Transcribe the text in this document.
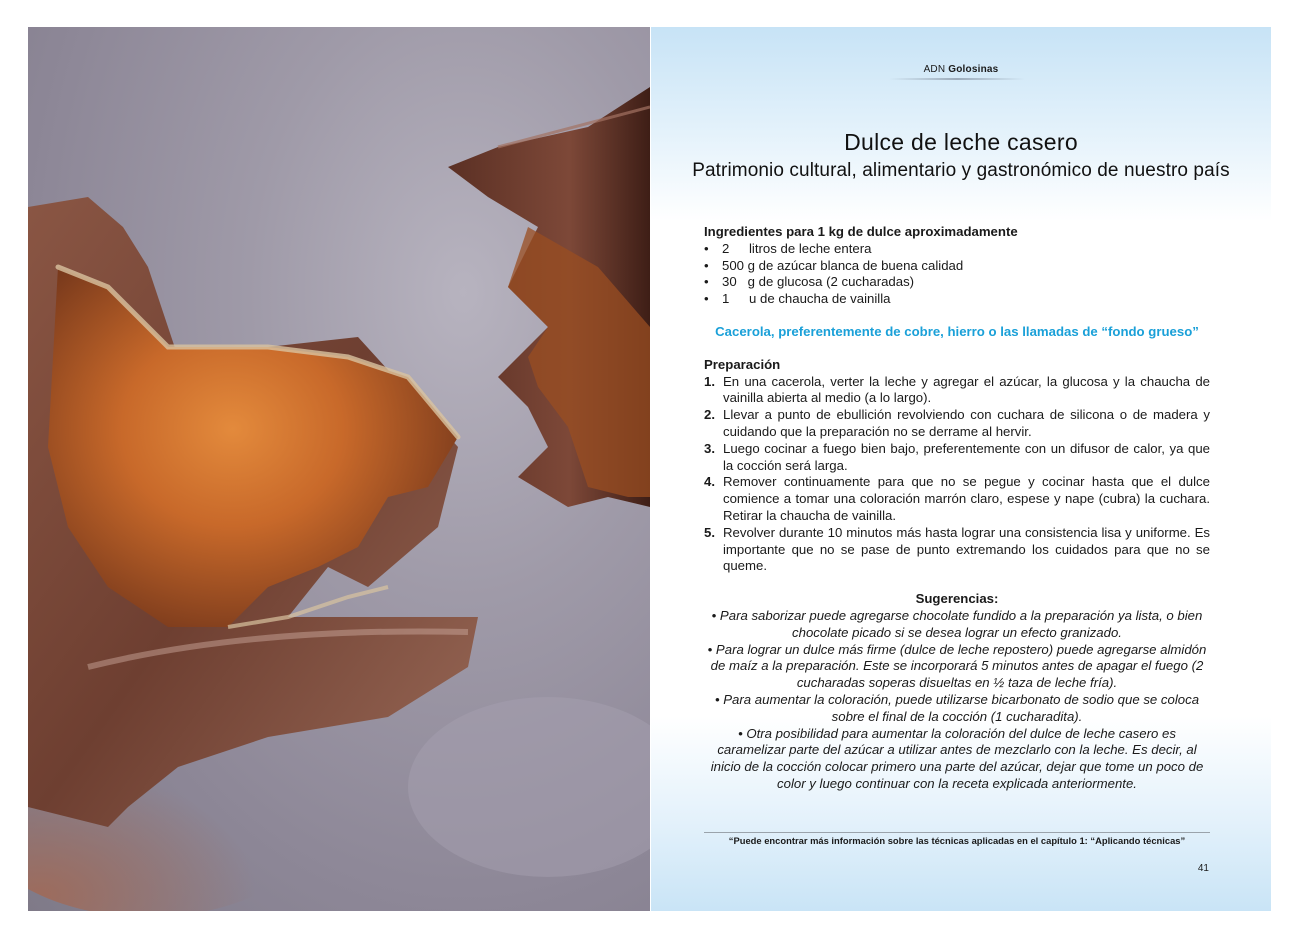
ADN Golosinas
Dulce de leche casero
Patrimonio cultural, alimentario y gastronómico de nuestro país
Ingredientes para 1 kg de dulce aproximadamente
• 2 litros de leche entera
• 500 g de azúcar blanca de buena calidad
• 30   g de glucosa (2 cucharadas)
• 1 u de chaucha de vainilla
Cacerola, preferentemente de cobre, hierro o las llamadas de “fondo grueso”
Preparación
1. En una cacerola, verter la leche y agregar el azúcar, la glucosa y la chaucha de vainilla abierta al medio (a lo largo).
2. Llevar a punto de ebullición revolviendo con cuchara de silicona o de madera y cuidando que la preparación no se derrame al hervir.
3. Luego cocinar a fuego bien bajo, preferentemente con un difusor de calor, ya que la cocción será larga.
4. Remover continuamente para que no se pegue y cocinar hasta que el dulce comience a tomar una coloración marrón claro, espese y nape (cubra) la cuchara. Retirar la chaucha de vainilla.
5. Revolver durante 10 minutos más hasta lograr una consistencia lisa y uniforme. Es importante que no se pase de punto extremando los cuidados para que no se queme.
Sugerencias:

• Para saborizar puede agregarse chocolate fundido a la preparación ya lista, o bien chocolate picado si se desea lograr un efecto granizado.

• Para lograr un dulce más firme (dulce de leche repostero) puede agregarse almidón de maíz a la preparación. Este se incorporará 5 minutos antes de apagar el fuego (2 cucharadas soperas disueltas en ½ taza de leche fría).

• Para aumentar la coloración, puede utilizarse bicarbonato de sodio que se coloca sobre el final de la cocción (1 cucharadita).

• Otra posibilidad para aumentar la coloración del dulce de leche casero es caramelizar parte del azúcar a utilizar antes de mezclarlo con la leche. Es decir, al inicio de la cocción colocar primero una parte del azúcar, dejar que tome un poco de color y luego continuar con la receta explicada anteriormente.

“Puede encontrar más información sobre las técnicas aplicadas en el capítulo 1: “Aplicando técnicas”
41
